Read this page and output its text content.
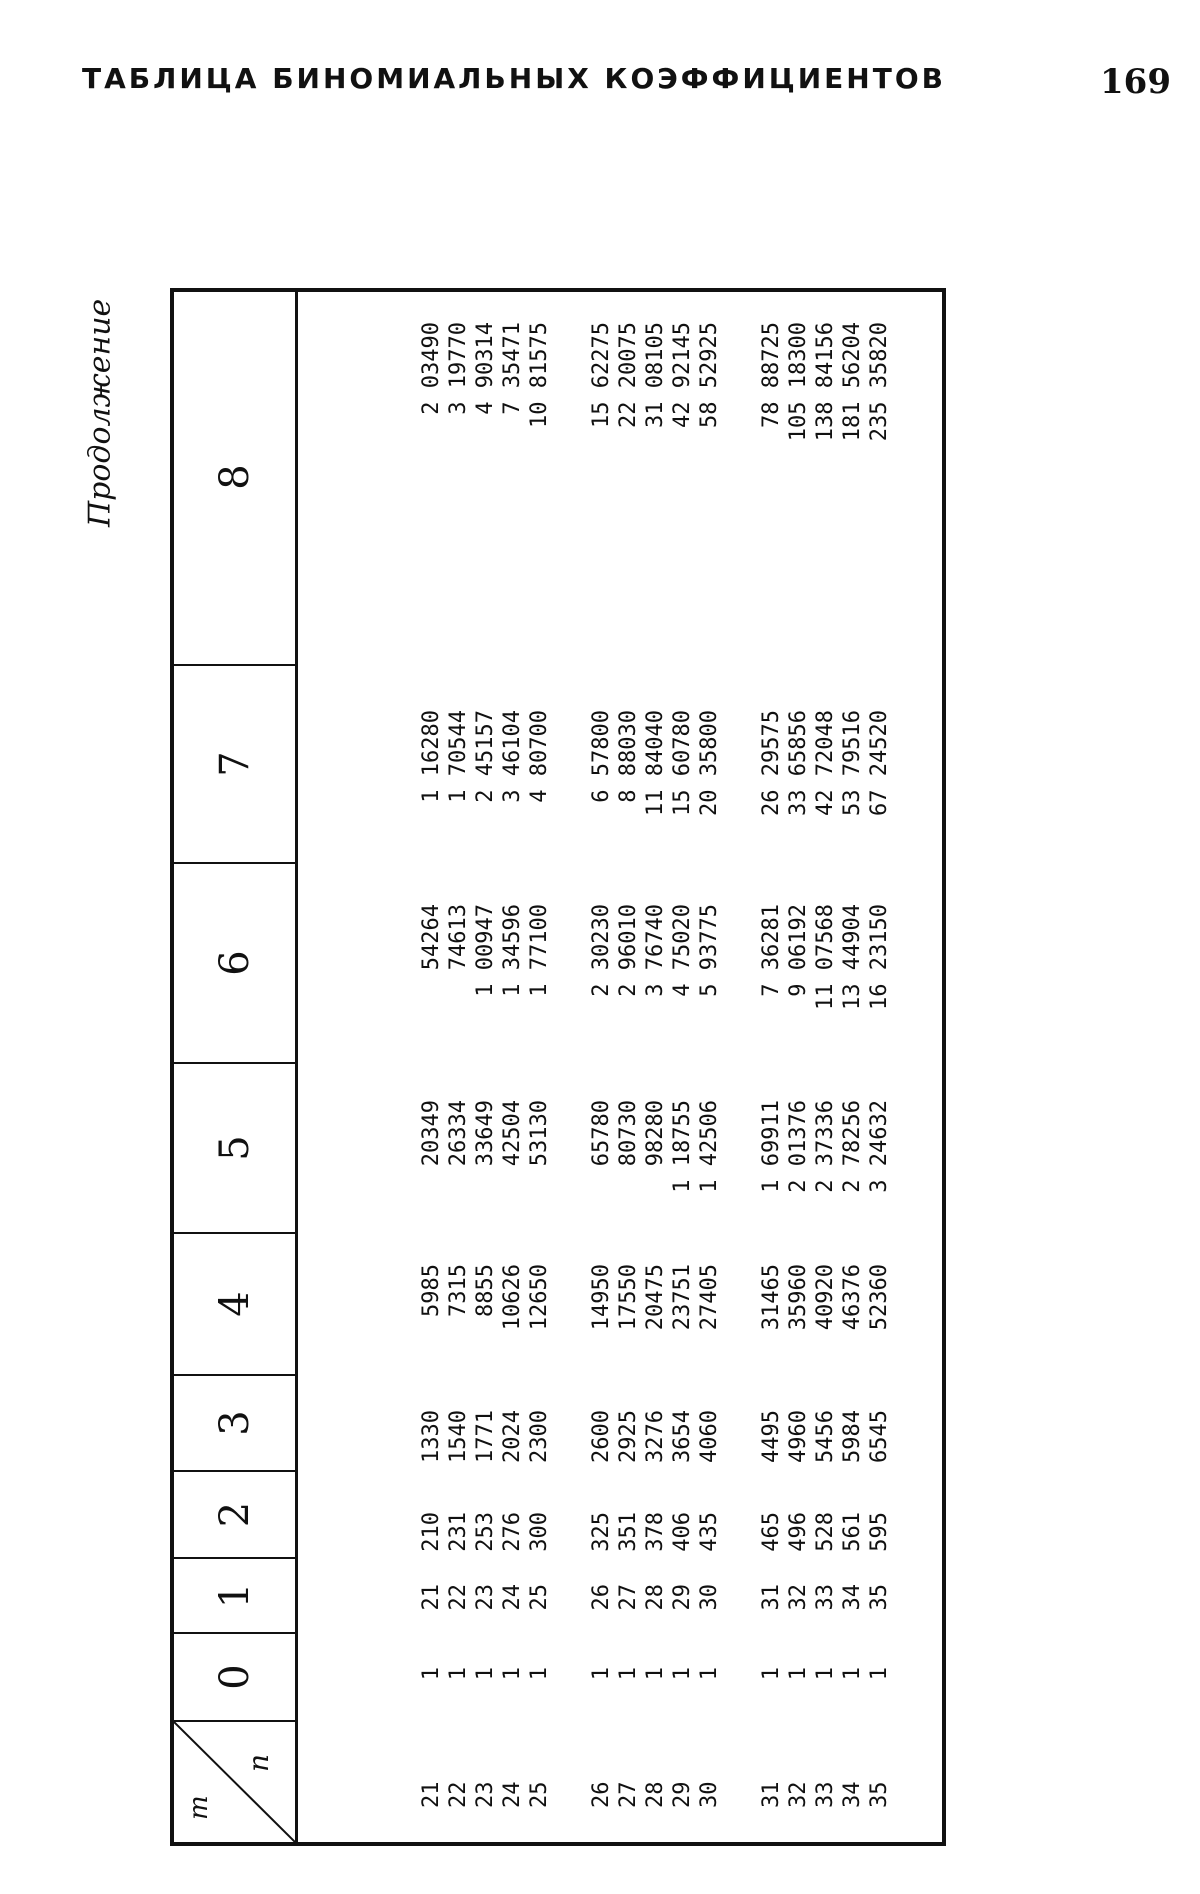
ТАБЛИЦА БИНОМИАЛЬНЫХ КОЭФФИЦИЕНТОВ	169
Продолжение
m
n
0
1
2
3
4
5
6
7
8
21
1
21
210
1330
5985
20349
54264
1 16280
2 03490
22
1
22
231
1540
7315
26334
74613
1 70544
3 19770
23
1
23
253
1771
8855
33649
1 00947
2 45157
4 90314
24
1
24
276
2024
10626
42504
1 34596
3 46104
7 35471
25
1
25
300
2300
12650
53130
1 77100
4 80700
10 81575
26
1
26
325
2600
14950
65780
2 30230
6 57800
15 62275
27
1
27
351
2925
17550
80730
2 96010
8 88030
22 20075
28
1
28
378
3276
20475
98280
3 76740
11 84040
31 08105
29
1
29
406
3654
23751
1 18755
4 75020
15 60780
42 92145
30
1
30
435
4060
27405
1 42506
5 93775
20 35800
58 52925
31
1
31
465
4495
31465
1 69911
7 36281
26 29575
78 88725
32
1
32
496
4960
35960
2 01376
9 06192
33 65856
105 18300
33
1
33
528
5456
40920
2 37336
11 07568
42 72048
138 84156
34
1
34
561
5984
46376
2 78256
13 44904
53 79516
181 56204
35
1
35
595
6545
52360
3 24632
16 23150
67 24520
235 35820
